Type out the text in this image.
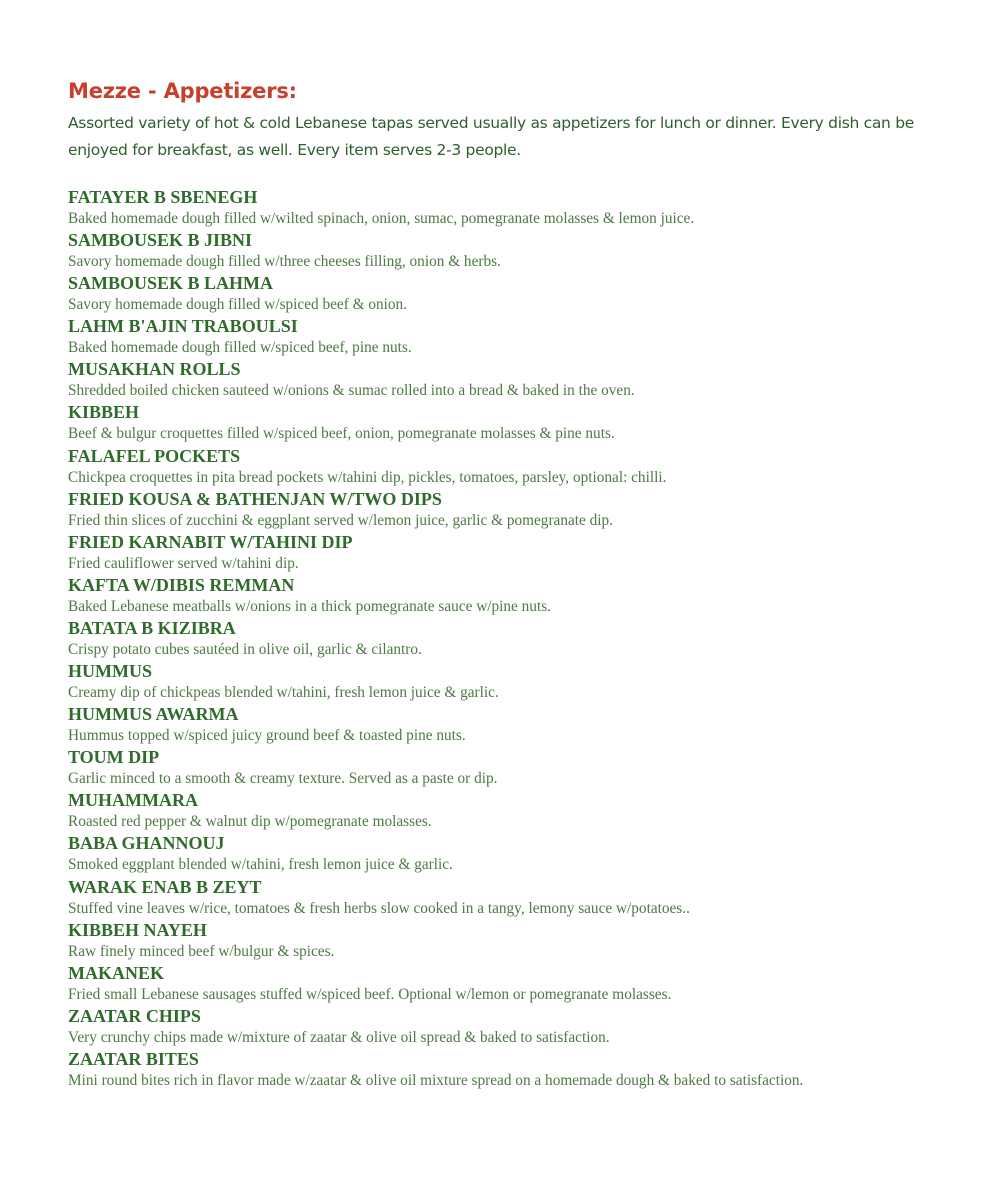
Mezze - Appetizers:

Assorted variety of hot & cold Lebanese tapas served usually as appetizers for lunch or dinner. Every dish can be enjoyed for breakfast, as well. Every item serves 2-3 people.

FATAYER B SBENEGH
Baked homemade dough filled w/wilted spinach, onion, sumac, pomegranate molasses & lemon juice.
SAMBOUSEK B JIBNI
Savory homemade dough filled w/three cheeses filling, onion & herbs.
SAMBOUSEK B LAHMA
Savory homemade dough filled w/spiced beef & onion.
LAHM B'AJIN TRABOULSI
Baked homemade dough filled w/spiced beef, pine nuts.
MUSAKHAN ROLLS
Shredded boiled chicken sauteed w/onions & sumac rolled into a bread & baked in the oven.
KIBBEH
Beef & bulgur croquettes filled w/spiced beef, onion, pomegranate molasses & pine nuts.
FALAFEL POCKETS
Chickpea croquettes in pita bread pockets w/tahini dip, pickles, tomatoes, parsley, optional: chilli.
FRIED KOUSA & BATHENJAN W/TWO DIPS
Fried thin slices of zucchini & eggplant served w/lemon juice, garlic & pomegranate dip.
FRIED KARNABIT W/TAHINI DIP
Fried cauliflower served w/tahini dip.
KAFTA W/DIBIS REMMAN
Baked Lebanese meatballs w/onions in a thick pomegranate sauce w/pine nuts.
BATATA B KIZIBRA
Crispy potato cubes sautéed in olive oil, garlic & cilantro.
HUMMUS
Creamy dip of chickpeas blended w/tahini, fresh lemon juice & garlic.
HUMMUS AWARMA
Hummus topped w/spiced juicy ground beef & toasted pine nuts.
TOUM DIP
Garlic minced to a smooth & creamy texture. Served as a paste or dip.
MUHAMMARA
Roasted red pepper & walnut dip w/pomegranate molasses.
BABA GHANNOUJ
Smoked eggplant blended w/tahini, fresh lemon juice & garlic.
WARAK ENAB B ZEYT
Stuffed vine leaves w/rice, tomatoes & fresh herbs slow cooked in a tangy, lemony sauce w/potatoes..
KIBBEH NAYEH
Raw finely minced beef w/bulgur & spices.
MAKANEK
Fried small Lebanese sausages stuffed w/spiced beef. Optional w/lemon or pomegranate molasses.
ZAATAR CHIPS
Very crunchy chips made w/mixture of zaatar & olive oil spread & baked to satisfaction.
ZAATAR BITES
Mini round bites rich in flavor made w/zaatar & olive oil mixture spread on a homemade dough & baked to satisfaction.
